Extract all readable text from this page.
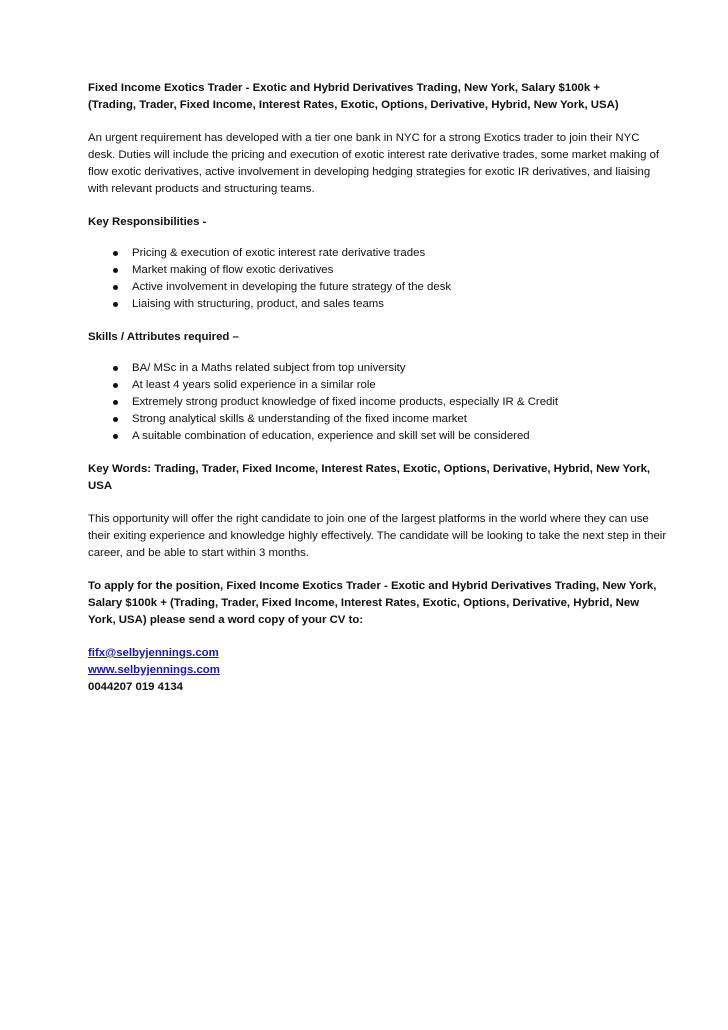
Fixed Income Exotics Trader - Exotic and Hybrid Derivatives Trading, New York, Salary $100k +
(Trading, Trader, Fixed Income, Interest Rates, Exotic, Options, Derivative, Hybrid, New York, USA)

An urgent requirement has developed with a tier one bank in NYC for a strong Exotics trader to join their NYC desk. Duties will include the pricing and execution of exotic interest rate derivative trades, some market making of flow exotic derivatives, active involvement in developing hedging strategies for exotic IR derivatives, and liaising with relevant products and structuring teams.

Key Responsibilities -

Pricing & execution of exotic interest rate derivative trades
Market making of flow exotic derivatives
Active involvement in developing the future strategy of the desk
Liaising with structuring, product, and sales teams

Skills / Attributes required –

BA/ MSc in a Maths related subject from top university
At least 4 years solid experience in a similar role
Extremely strong product knowledge of fixed income products, especially IR & Credit
Strong analytical skills & understanding of the fixed income market
A suitable combination of education, experience and skill set will be considered

Key Words: Trading, Trader, Fixed Income, Interest Rates, Exotic, Options, Derivative, Hybrid, New York, USA

This opportunity will offer the right candidate to join one of the largest platforms in the world where they can use their exiting experience and knowledge highly effectively. The candidate will be looking to take the next step in their career, and be able to start within 3 months.

To apply for the position, Fixed Income Exotics Trader - Exotic and Hybrid Derivatives Trading, New York, Salary $100k + (Trading, Trader, Fixed Income, Interest Rates, Exotic, Options, Derivative, Hybrid, New York, USA) please send a word copy of your CV to:

fifx@selbyjennings.com
www.selbyjennings.com
0044207 019 4134
